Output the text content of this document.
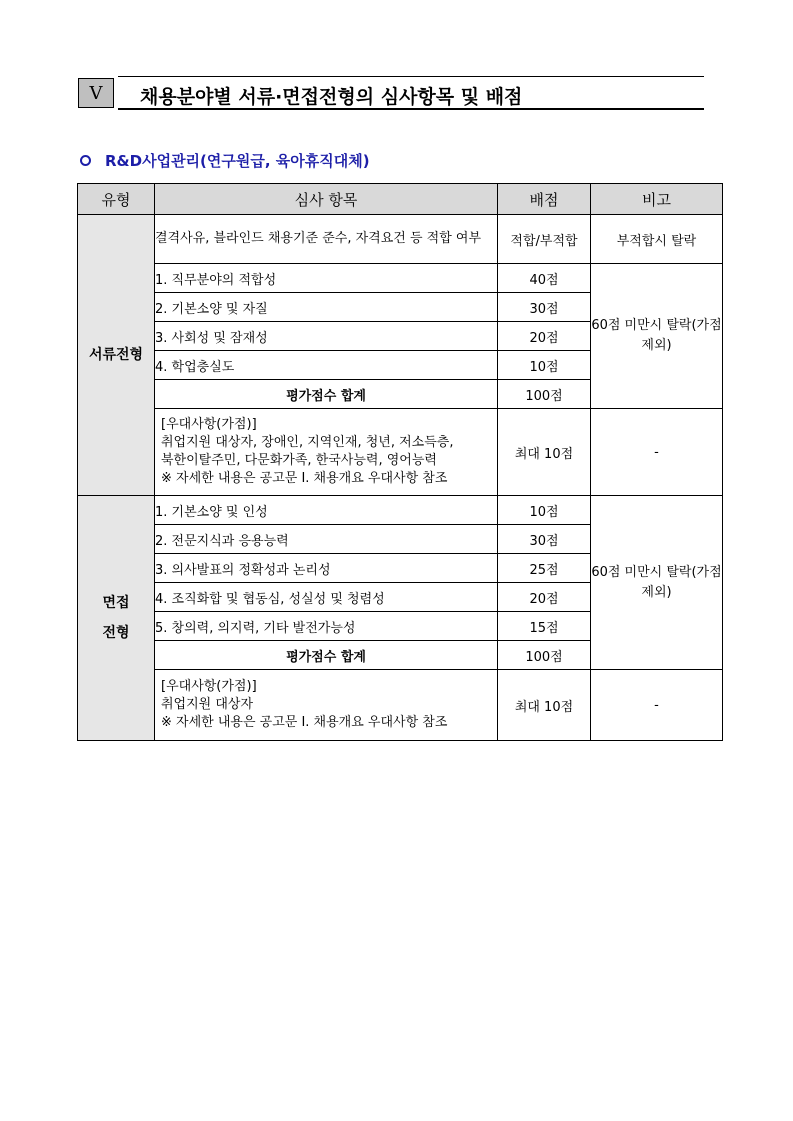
V	채용분야별 서류·면접전형의 심사항목 및 배점
R&D사업관리(연구원급, 육아휴직대체)
유형	심사 항목	배점	비고
서류전형	결격사유, 블라인드 채용기준 준수, 자격요건 등 적합 여부	적합/부적합	부적합시 탈락
	1. 직무분야의 적합성	40점	60점 미만시 탈락(가점제외)
	2. 기본소양 및 자질	30점	
	3. 사회성 및 잠재성	20점	
	4. 학업충실도	10점	
	평가점수 합계	100점	

	[우대사항(가점)]
취업지원 대상자, 장애인, 지역인재, 청년, 저소득층,
북한이탈주민, 다문화가족, 한국사능력, 영어능력
※ 자세한 내용은 공고문 Ⅰ. 채용개요 우대사항 참조	최대 10점	-

면접
전형	1. 기본소양 및 인성	10점	60점 미만시 탈락(가점제외)
	2. 전문지식과 응용능력	30점	
	3. 의사발표의 정확성과 논리성	25점	
	4. 조직화합 및 협동심, 성실성 및 청렴성	20점	
	5. 창의력, 의지력, 기타 발전가능성	15점	
	평가점수 합계	100점	

	[우대사항(가점)]
취업지원 대상자
※ 자세한 내용은 공고문 Ⅰ. 채용개요 우대사항 참조	최대 10점	-
